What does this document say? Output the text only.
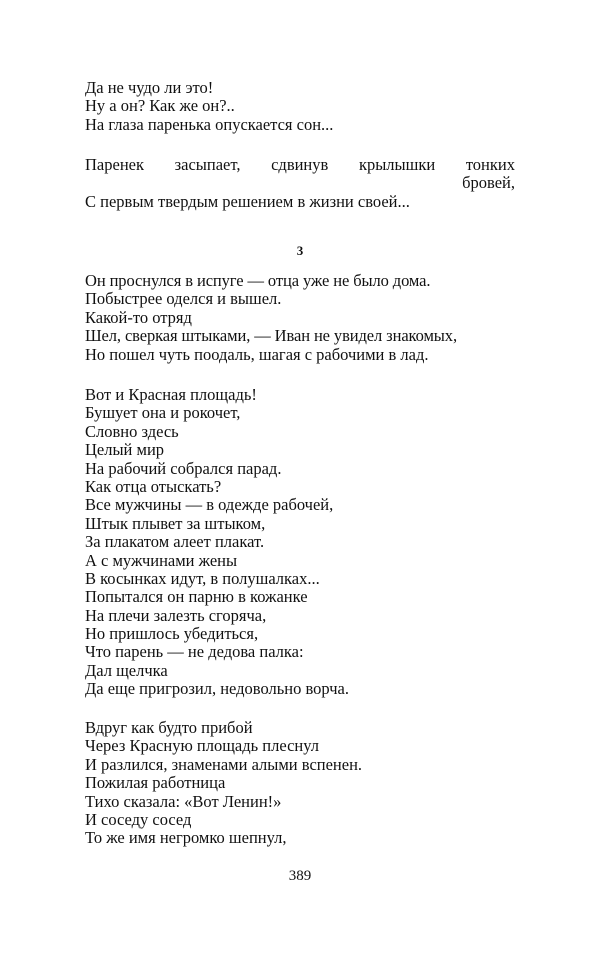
Да не чудо ли это!
Ну а он? Как же он?..
На глаза паренька опускается сон...
Паренек засыпает, сдвинув крылышки тонких
бровей,
С первым твердым решением в жизни своей...
3
Он проснулся в испуге — отца уже не было дома.
Побыстрее оделся и вышел.
Какой-то отряд
Шел, сверкая штыками, — Иван не увидел знакомых,
Но пошел чуть поодаль, шагая с рабочими в лад.
Вот и Красная площадь!
Бушует она и рокочет,
Словно здесь
Целый мир
На рабочий собрался парад.
Как отца отыскать?
Все мужчины — в одежде рабочей,
Штык плывет за штыком,
За плакатом алеет плакат.
А с мужчинами жены
В косынках идут, в полушалках...
Попытался он парню в кожанке
На плечи залезть сгоряча,
Но пришлось убедиться,
Что парень — не дедова палка:
Дал щелчка
Да еще пригрозил, недовольно ворча.
Вдруг как будто прибой
Через Красную площадь плеснул
И разлился, знаменами алыми вспенен.
Пожилая работница
Тихо сказала: «Вот Ленин!»
И соседу сосед
То же имя негромко шепнул,
389
